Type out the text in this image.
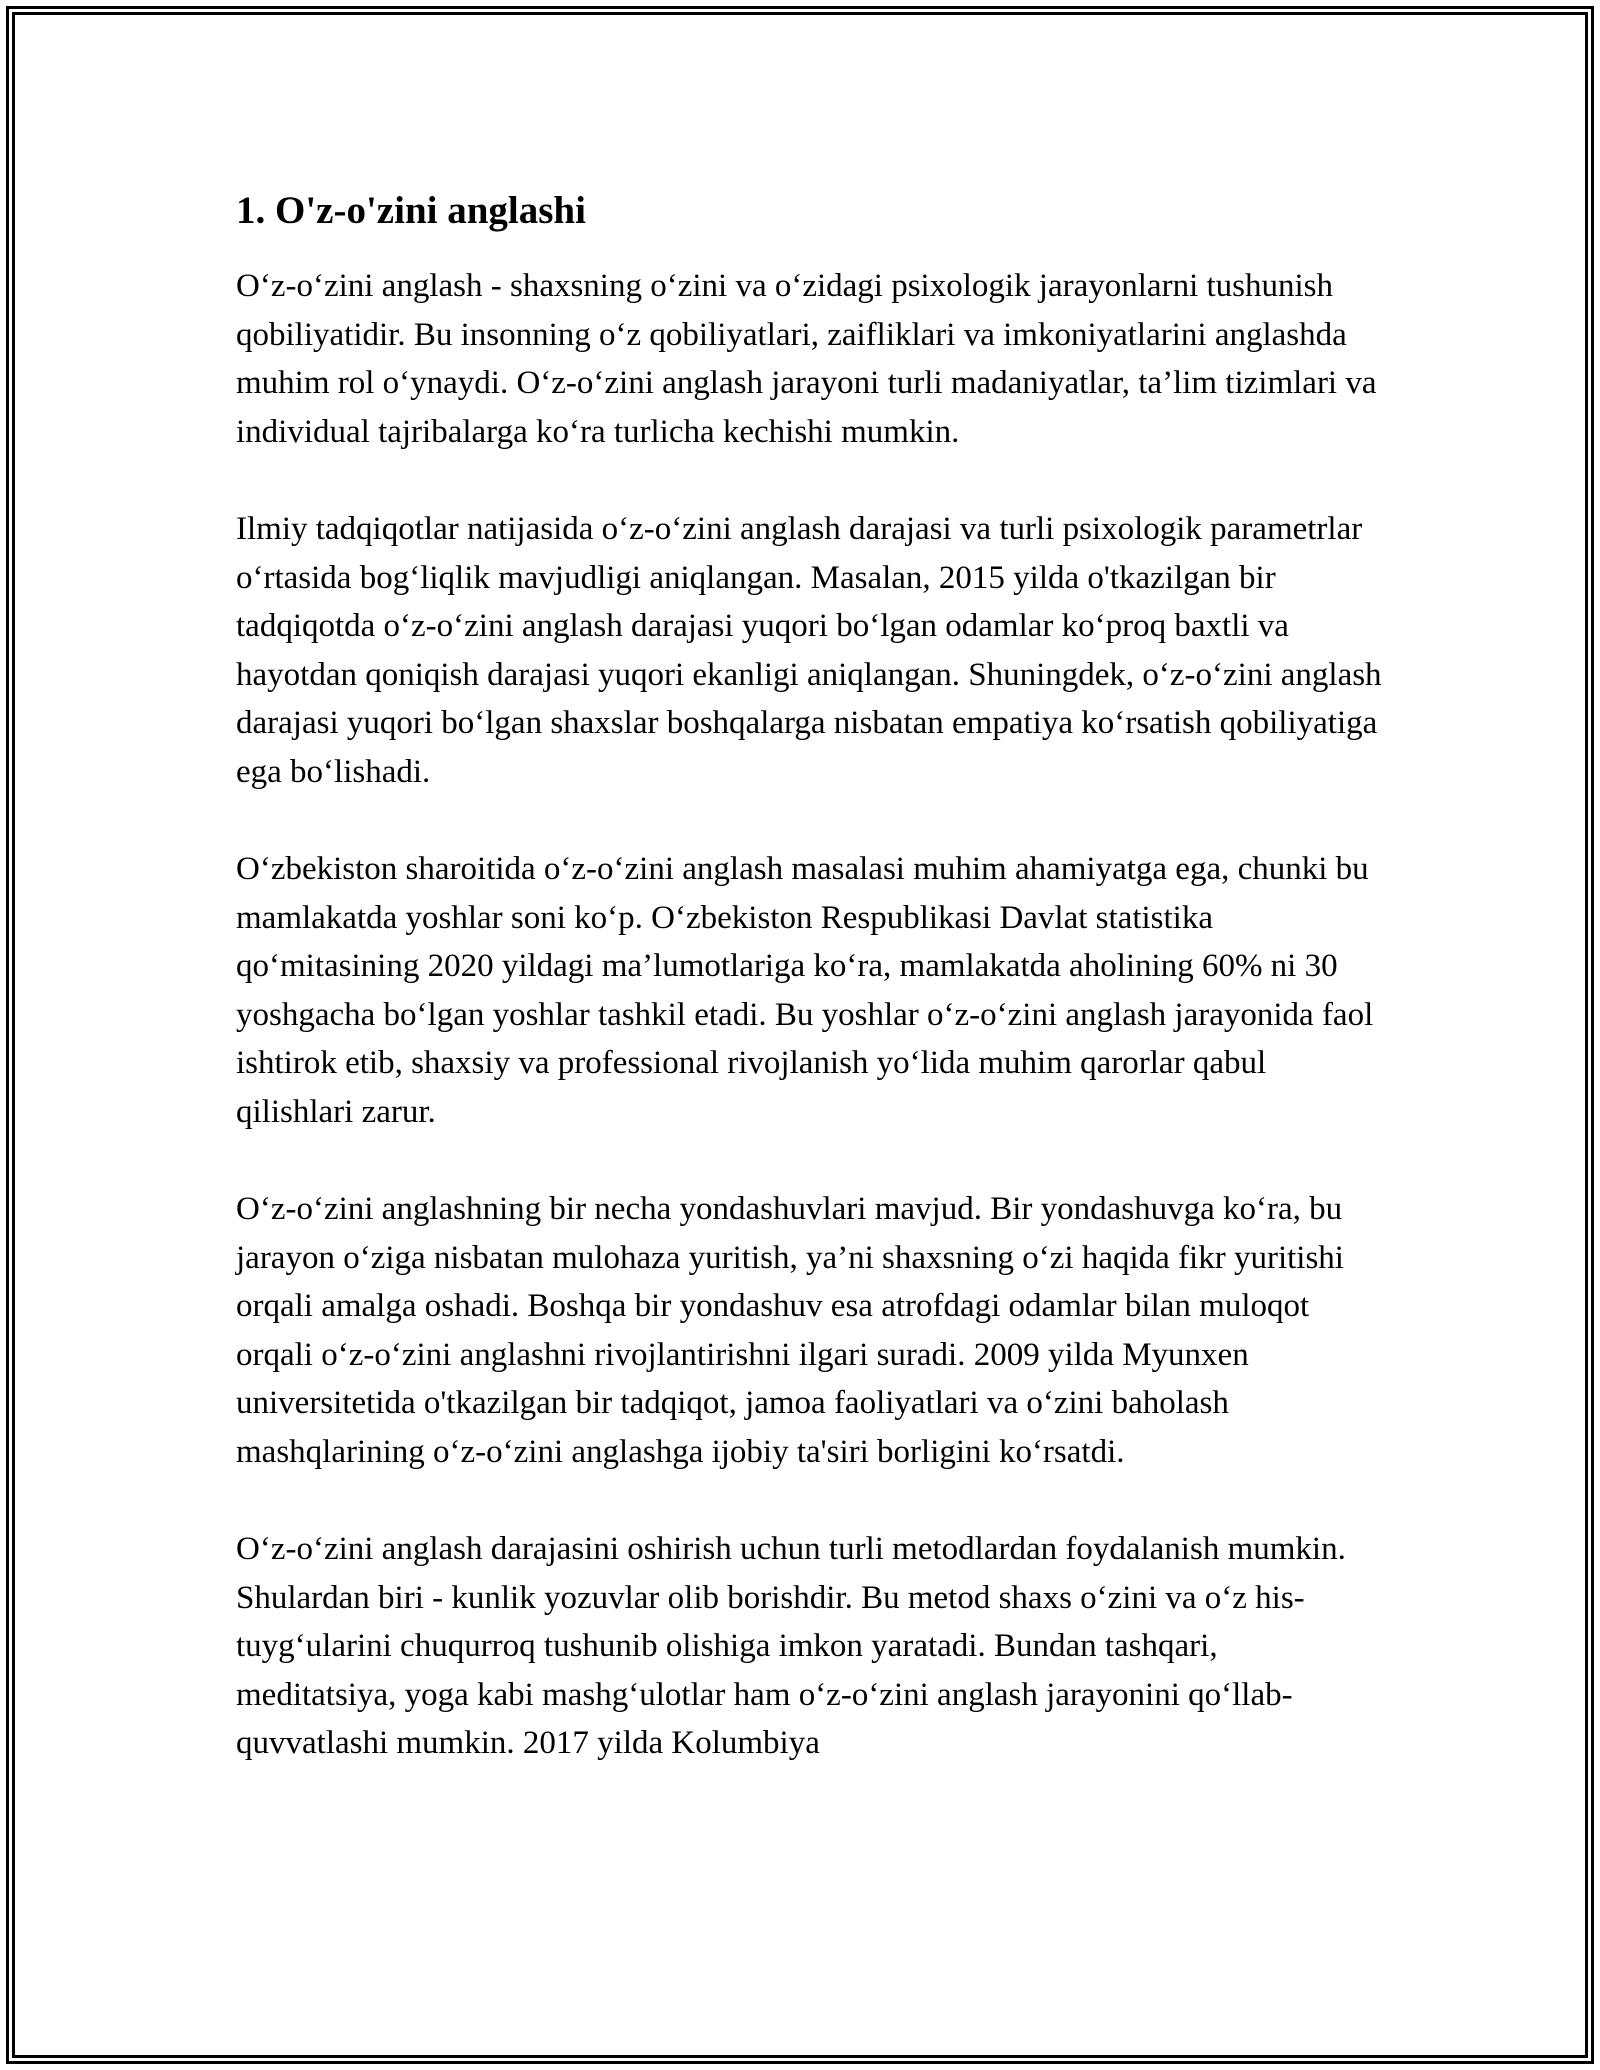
1. O'z-o'zini anglashi

O‘z-o‘zini anglash - shaxsning o‘zini va o‘zidagi psixologik jarayonlarni tushunish qobiliyatidir. Bu insonning o‘z qobiliyatlari, zaifliklari va imkoniyatlarini anglashda muhim rol o‘ynaydi. O‘z-o‘zini anglash jarayoni turli madaniyatlar, ta’lim tizimlari va individual tajribalarga ko‘ra turlicha kechishi mumkin.

Ilmiy tadqiqotlar natijasida o‘z-o‘zini anglash darajasi va turli psixologik parametrlar o‘rtasida bog‘liqlik mavjudligi aniqlangan. Masalan, 2015 yilda o'tkazilgan bir tadqiqotda o‘z-o‘zini anglash darajasi yuqori bo‘lgan odamlar ko‘proq baxtli va hayotdan qoniqish darajasi yuqori ekanligi aniqlangan. Shuningdek, o‘z-o‘zini anglash darajasi yuqori bo‘lgan shaxslar boshqalarga nisbatan empatiya ko‘rsatish qobiliyatiga ega bo‘lishadi.

O‘zbekiston sharoitida o‘z-o‘zini anglash masalasi muhim ahamiyatga ega, chunki bu mamlakatda yoshlar soni ko‘p. O‘zbekiston Respublikasi Davlat statistika qo‘mitasining 2020 yildagi ma’lumotlariga ko‘ra, mamlakatda aholining 60% ni 30 yoshgacha bo‘lgan yoshlar tashkil etadi. Bu yoshlar o‘z-o‘zini anglash jarayonida faol ishtirok etib, shaxsiy va professional rivojlanish yo‘lida muhim qarorlar qabul qilishlari zarur.

O‘z-o‘zini anglashning bir necha yondashuvlari mavjud. Bir yondashuvga ko‘ra, bu jarayon o‘ziga nisbatan mulohaza yuritish, ya’ni shaxsning o‘zi haqida fikr yuritishi orqali amalga oshadi. Boshqa bir yondashuv esa atrofdagi odamlar bilan muloqot orqali o‘z-o‘zini anglashni rivojlantirishni ilgari suradi. 2009 yilda Myunxen universitetida o'tkazilgan bir tadqiqot, jamoa faoliyatlari va o‘zini baholash mashqlarining o‘z-o‘zini anglashga ijobiy ta'siri borligini ko‘rsatdi.

O‘z-o‘zini anglash darajasini oshirish uchun turli metodlardan foydalanish mumkin. Shulardan biri - kunlik yozuvlar olib borishdir. Bu metod shaxs o‘zini va o‘z his-tuyg‘ularini chuqurroq tushunib olishiga imkon yaratadi. Bundan tashqari, meditatsiya, yoga kabi mashg‘ulotlar ham o‘z-o‘zini anglash jarayonini qo‘llab-quvvatlashi mumkin. 2017 yilda Kolumbiya
